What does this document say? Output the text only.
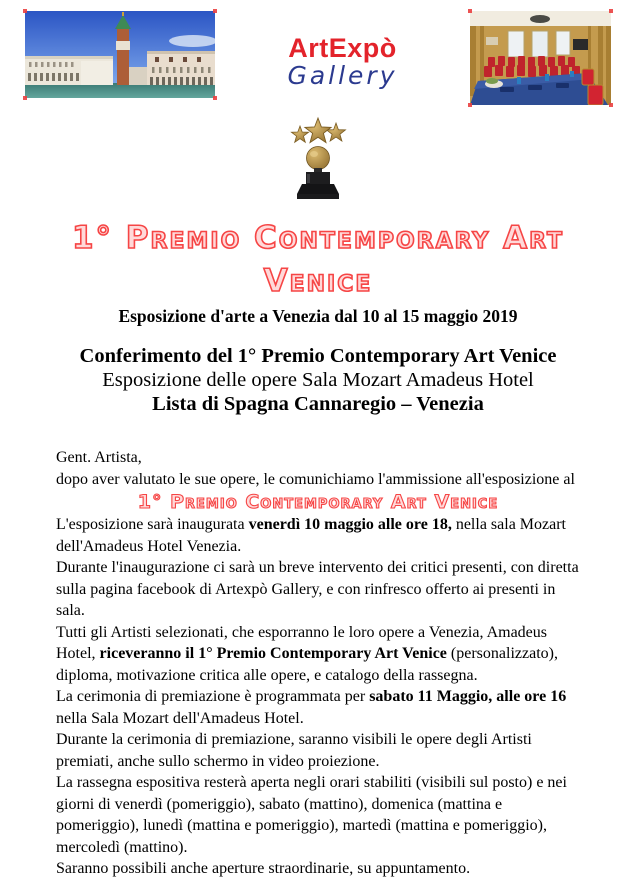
ArtExpò
Gallery
1° Premio Contemporary Art
Venice
Esposizione d'arte a Venezia dal 10 al 15 maggio 2019
Conferimento del 1° Premio Contemporary Art Venice
Esposizione delle opere Sala Mozart Amadeus Hotel
Lista di Spagna Cannaregio – Venezia

Gent. Artista,

dopo aver valutato le sue opere, le comunichiamo l'ammissione all'esposizione al

1° Premio Contemporary Art Venice

L'esposizione sarà inaugurata venerdì 10 maggio alle ore 18, nella sala Mozart dell'Amadeus Hotel Venezia.

Durante l'inaugurazione ci sarà un breve intervento dei critici presenti, con diretta sulla pagina facebook di Artexpò Gallery, e con rinfresco offerto ai presenti in sala.

Tutti gli Artisti selezionati, che esporranno le loro opere a Venezia, Amadeus Hotel, riceveranno il 1° Premio Contemporary Art Venice (personalizzato), diploma, motivazione critica alle opere, e catalogo della rassegna.

La cerimonia di premiazione è programmata per sabato 11 Maggio, alle ore 16 nella Sala Mozart dell'Amadeus Hotel.

Durante la cerimonia di premiazione, saranno visibili le opere degli Artisti premiati, anche sullo schermo in video proiezione.

La rassegna espositiva resterà aperta negli orari stabiliti (visibili sul posto) e nei giorni di venerdì (pomeriggio), sabato (mattino), domenica (mattina e pomeriggio), lunedì (mattina e pomeriggio), martedì (mattina e pomeriggio), mercoledì (mattino).

Saranno possibili anche aperture straordinarie, su appuntamento.
